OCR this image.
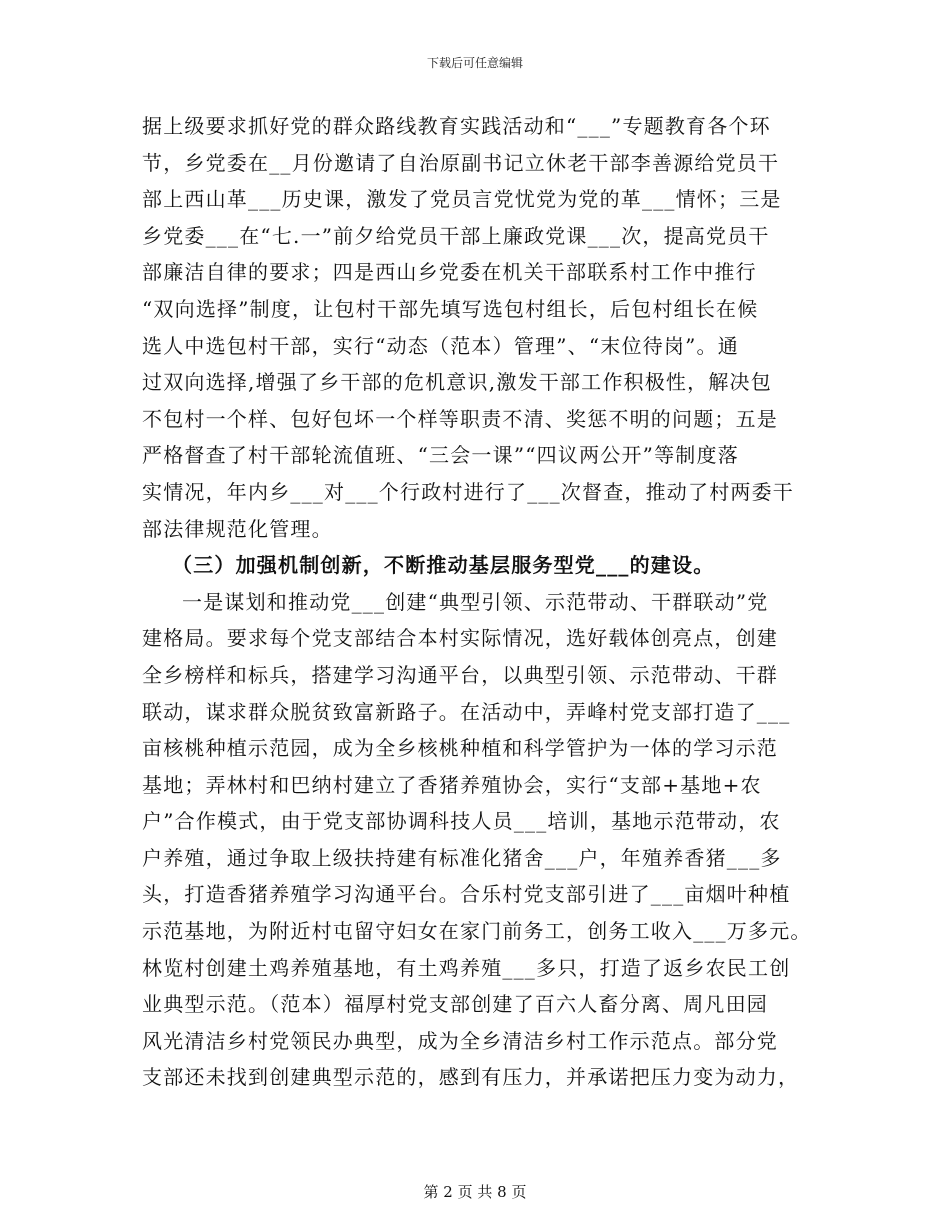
下载后可任意编辑
据上级要求抓好党的群众路线教育实践活动和“___”专题教育各个环
节，乡党委在__月份邀请了自治原副书记立休老干部李善源给党员干
部上西山革___历史课，激发了党员言党忧党为党的革___情怀；三是
乡党委___在“七.一”前夕给党员干部上廉政党课___次，提高党员干
部廉洁自律的要求；四是西山乡党委在机关干部联系村工作中推行
“双向选择”制度，让包村干部先填写选包村组长，后包村组长在候
选人中选包村干部，实行“动态（范本）管理”、“末位待岗”。通
过双向选择,增强了乡干部的危机意识,激发干部工作积极性，解决包
不包村一个样、包好包坏一个样等职责不清、奖惩不明的问题；五是
严格督查了村干部轮流值班、“三会一课”“四议两公开”等制度落
实情况，年内乡___对___个行政村进行了___次督查，推动了村两委干
部法律规范化管理。
（三）加强机制创新，不断推动基层服务型党___的建设。
一是谋划和推动党___创建“典型引领、示范带动、干群联动”党
建格局。要求每个党支部结合本村实际情况，选好载体创亮点，创建
全乡榜样和标兵，搭建学习沟通平台，以典型引领、示范带动、干群
联动，谋求群众脱贫致富新路子。在活动中，弄峰村党支部打造了___
亩核桃种植示范园，成为全乡核桃种植和科学管护为一体的学习示范
基地；弄林村和巴纳村建立了香猪养殖协会，实行“支部+基地+农
户”合作模式，由于党支部协调科技人员___培训，基地示范带动，农
户养殖，通过争取上级扶持建有标准化猪舍___户，年殖养香猪___多
头，打造香猪养殖学习沟通平台。合乐村党支部引进了___亩烟叶种植
示范基地，为附近村屯留守妇女在家门前务工，创务工收入___万多元。
林览村创建土鸡养殖基地，有土鸡养殖___多只，打造了返乡农民工创
业典型示范。（范本）福厚村党支部创建了百六人畜分离、周凡田园
风光清洁乡村党领民办典型，成为全乡清洁乡村工作示范点。部分党
支部还未找到创建典型示范的，感到有压力，并承诺把压力变为动力，
第 2 页 共 8 页
